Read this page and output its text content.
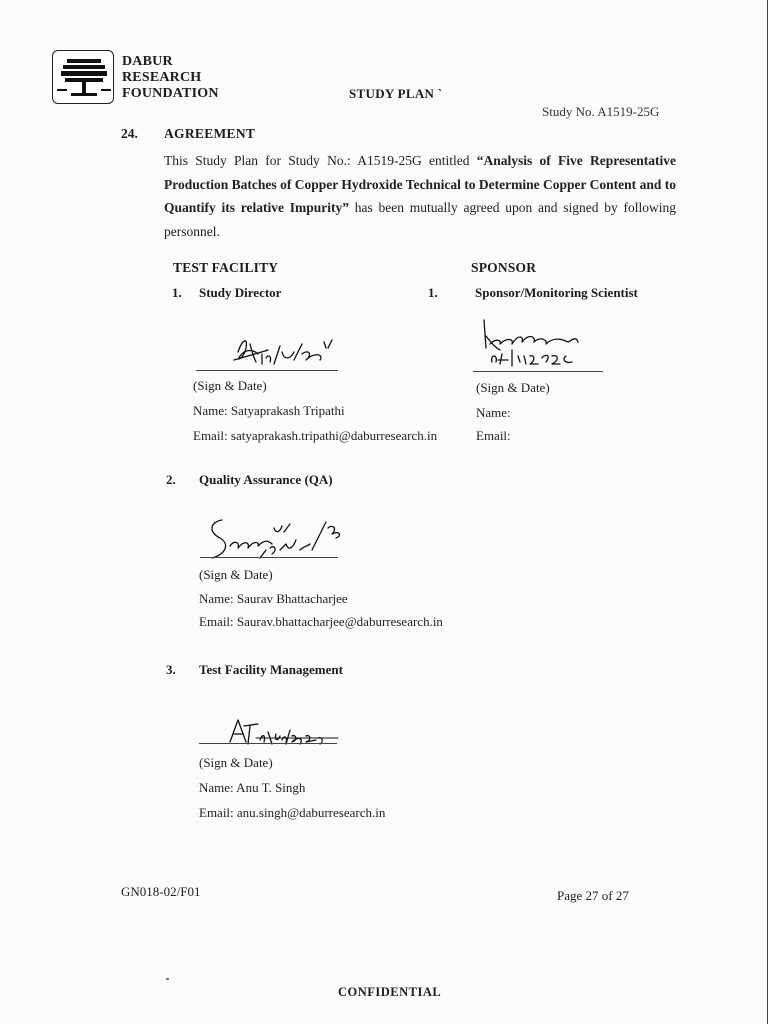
DABUR
RESEARCH
FOUNDATION	STUDY PLAN `
Study No. A1519-25G
24. AGREEMENT
This Study Plan for Study No.: A1519-25G entitled “Analysis of Five Representative Production Batches of Copper Hydroxide Technical to Determine Copper Content and to Quantify its relative Impurity” has been mutually agreed upon and signed by following personnel.
TEST FACILITY	SPONSOR
1. Study Director
(Sign & Date)
Name: Satyaprakash Tripathi
Email: satyaprakash.tripathi@daburresearch.in
1.	Sponsor/Monitoring Scientist
(Sign & Date)
Name:
Email:
2. Quality Assurance (QA)
(Sign & Date)
Name: Saurav Bhattacharjee
Email: Saurav.bhattacharjee@daburresearch.in
3. Test Facility Management
(Sign & Date)
Name: Anu T. Singh
Email: anu.singh@daburresearch.in
GN018-02/F01	Page 27 of 27
CONFIDENTIAL
